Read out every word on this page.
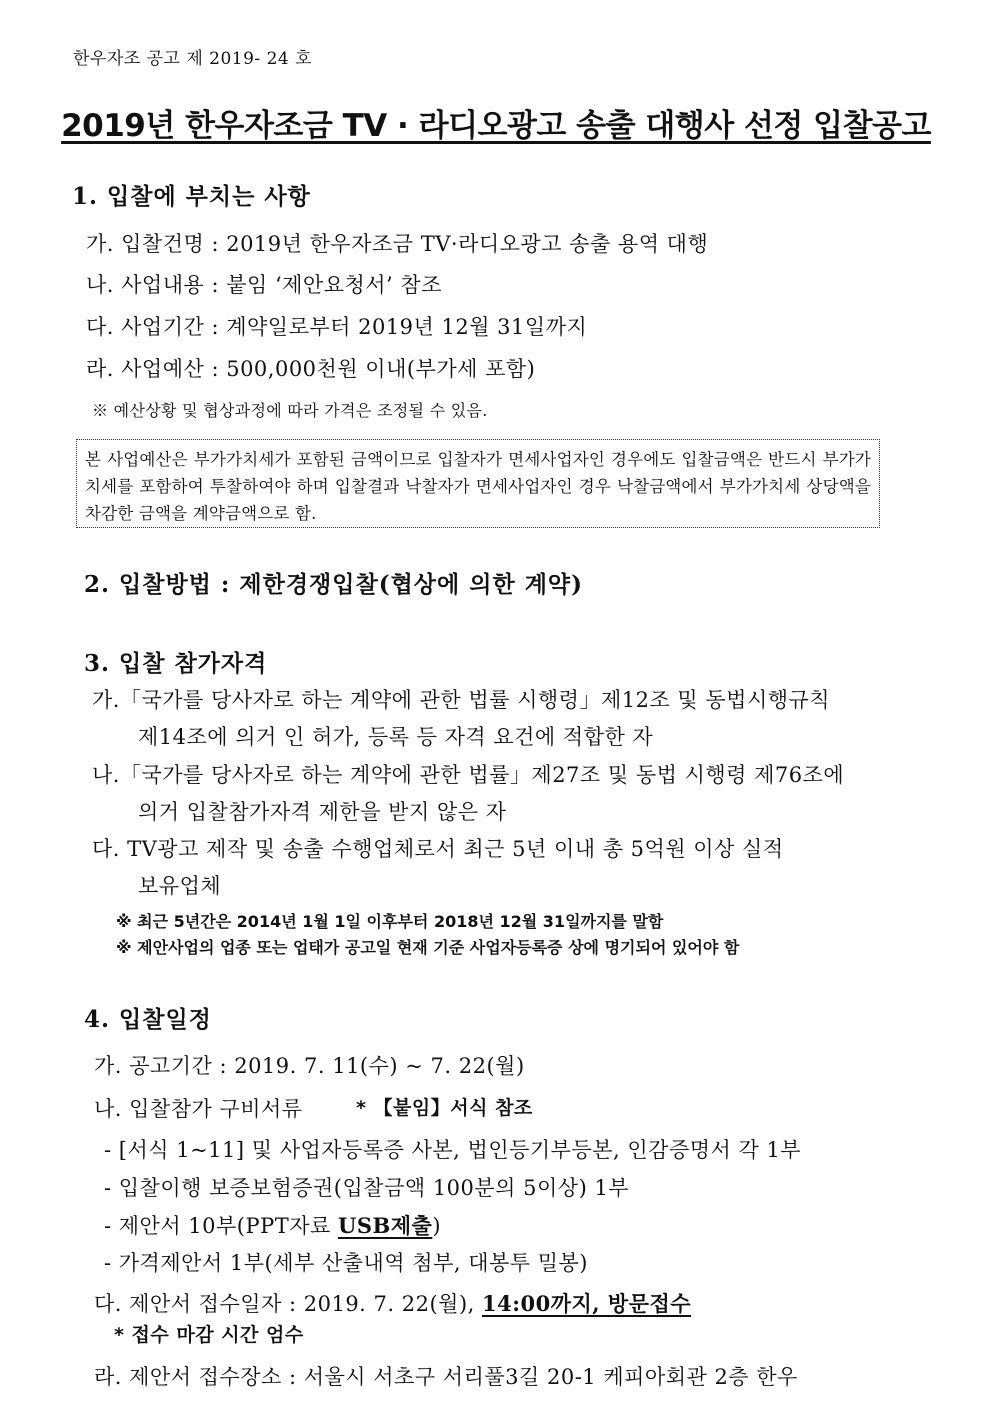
한우자조 공고 제 2019- 24 호
2019년 한우자조금 TV · 라디오광고 송출 대행사 선정 입찰공고
1. 입찰에 부치는 사항
가. 입찰건명 : 2019년 한우자조금 TV·라디오광고 송출 용역 대행
나. 사업내용 : 붙임 ‘제안요청서’ 참조
다. 사업기간 : 계약일로부터 2019년 12월 31일까지
라. 사업예산 : 500,000천원 이내(부가세 포함)
※ 예산상황 및 협상과정에 따라 가격은 조정될 수 있음.
본 사업예산은 부가가치세가 포함된 금액이므로 입찰자가 면세사업자인 경우에도 입찰금액은 반드시 부가가치세를 포함하여 투찰하여야 하며 입찰결과 낙찰자가 면세사업자인 경우 낙찰금액에서 부가가치세 상당액을 차감한 금액을 계약금액으로 함.
2. 입찰방법 : 제한경쟁입찰(협상에 의한 계약)
3. 입찰 참가자격
가.「국가를 당사자로 하는 계약에 관한 법률 시행령」제12조 및 동법시행규칙
제14조에 의거 인 허가, 등록 등 자격 요건에 적합한 자
나.「국가를 당사자로 하는 계약에 관한 법률」제27조 및 동법 시행령 제76조에
의거 입찰참가자격 제한을 받지 않은 자
다. TV광고 제작 및 송출 수행업체로서 최근 5년 이내 총 5억원 이상 실적
보유업체
※ 최근 5년간은 2014년 1월 1일 이후부터 2018년 12월 31일까지를 말함
※ 제안사업의 업종 또는 업태가 공고일 현재 기준 사업자등록증 상에 명기되어 있어야 함
4. 입찰일정
가. 공고기간 : 2019. 7. 11(수) ~ 7. 22(월)
나. 입찰참가 구비서류	* 【붙임】서식 참조
- [서식 1~11] 및 사업자등록증 사본, 법인등기부등본, 인감증명서 각 1부
- 입찰이행 보증보험증권(입찰금액 100분의 5이상) 1부
- 제안서 10부(PPT자료 USB제출)
- 가격제안서 1부(세부 산출내역 첨부, 대봉투 밀봉)
다. 제안서 접수일자 : 2019. 7. 22(월), 14:00까지, 방문접수
* 접수 마감 시간 엄수
라. 제안서 접수장소 : 서울시 서초구 서리풀3길 20-1 케피아회관 2층 한우
